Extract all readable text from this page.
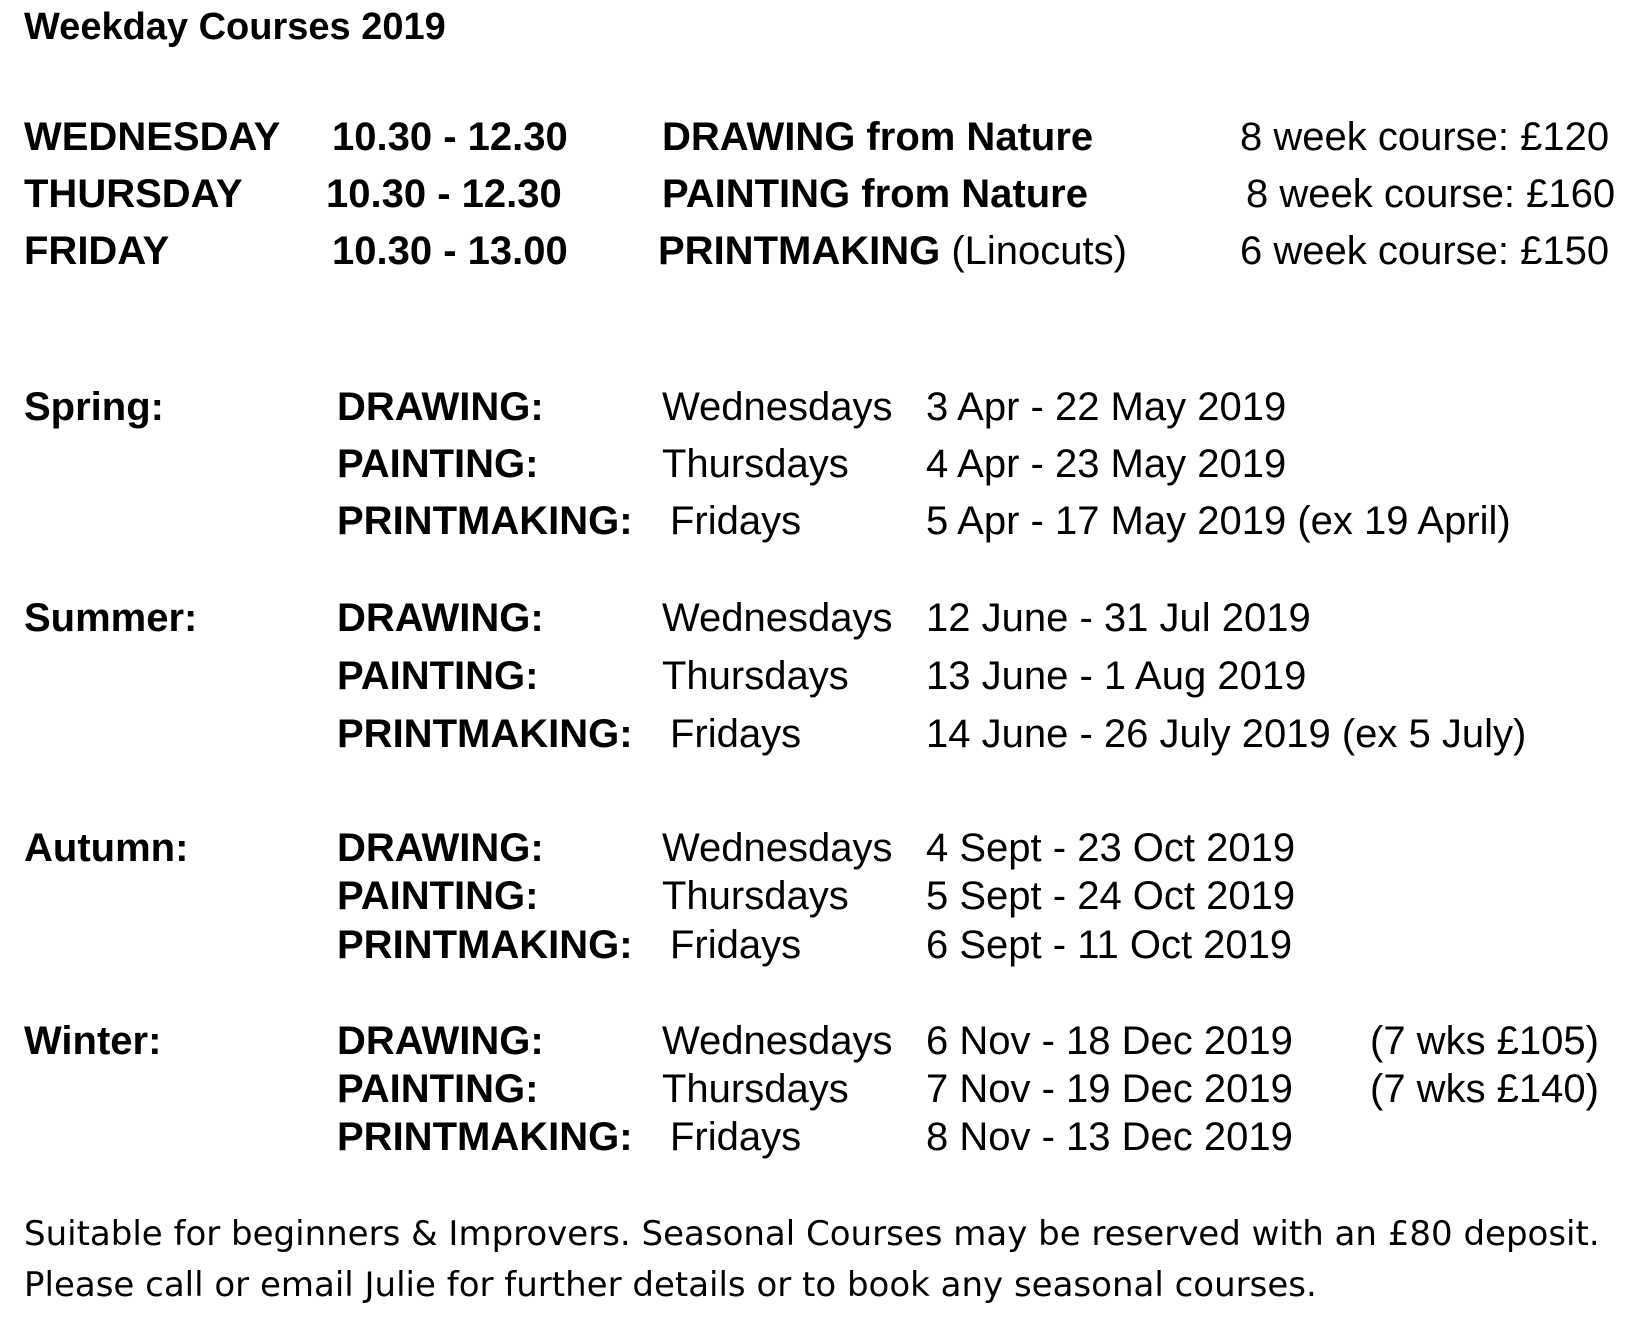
Weekday Courses 2019
WEDNESDAY 10.30 - 12.30 DRAWING from Nature	8 week course: £120
THURSDAY 10.30 - 12.30	PAINTING from Nature	8 week course: £160
FRIDAY	10.30 - 13.00 PRINTMAKING (Linocuts)	6 week course: £150
Spring:	DRAWING:	Wednesdays 3 Apr - 22 May 2019
PAINTING:	Thursdays 4 Apr - 23 May 2019
PRINTMAKING: Fridays	5 Apr - 17 May 2019 (ex 19 April)
Summer:	DRAWING:	Wednesdays 12 June - 31 Jul 2019
PAINTING:	Thursdays 13 June - 1 Aug 2019
PRINTMAKING: Fridays	14 June - 26 July 2019 (ex 5 July)
Autumn:	DRAWING:	Wednesdays 4 Sept - 23 Oct 2019
PAINTING:	Thursdays 5 Sept - 24 Oct 2019
PRINTMAKING: Fridays	6 Sept - 11 Oct 2019
Winter:	DRAWING:	Wednesdays 6 Nov - 18 Dec 2019 (7 wks £105)
PAINTING:	Thursdays 7 Nov - 19 Dec 2019 (7 wks £140)
PRINTMAKING: Fridays	8 Nov - 13 Dec 2019
Suitable for beginners & Improvers. Seasonal Courses may be reserved with an £80 deposit.
Please call or email Julie for further details or to book any seasonal courses.
